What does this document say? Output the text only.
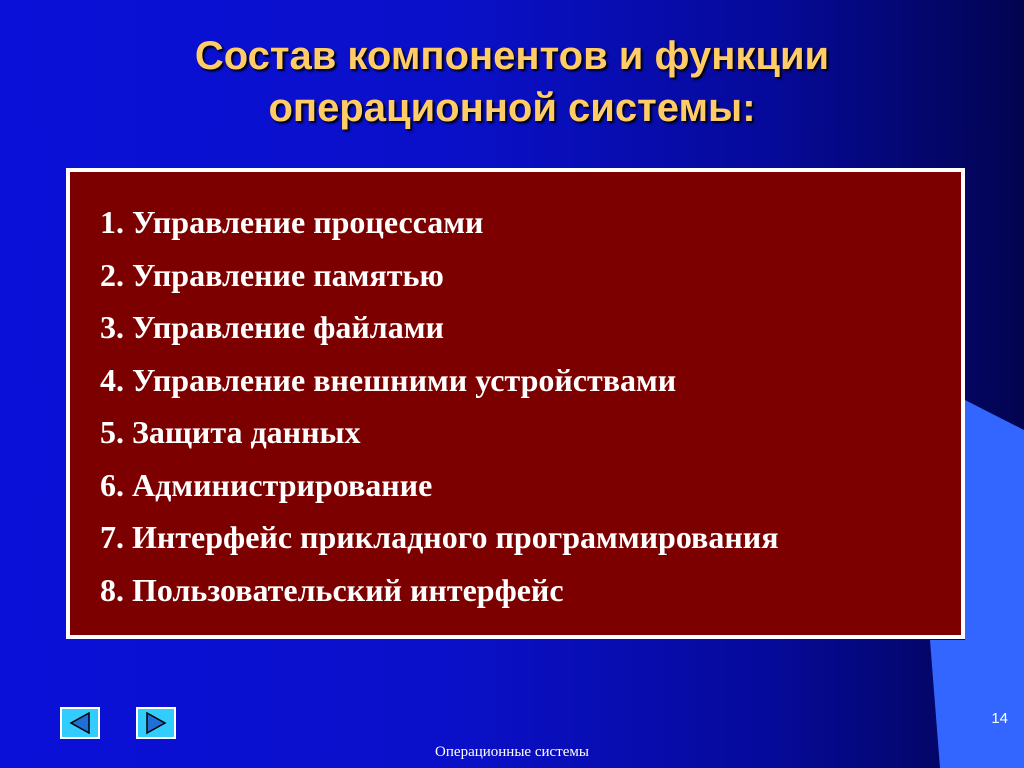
Состав компонентов и функции
операционной системы:
1. Управление процессами
2. Управление памятью
3. Управление файлами
4. Управление внешними устройствами
5. Защита данных
6. Администрирование
7. Интерфейс прикладного программирования
8. Пользовательский интерфейс
14
Операционные системы
